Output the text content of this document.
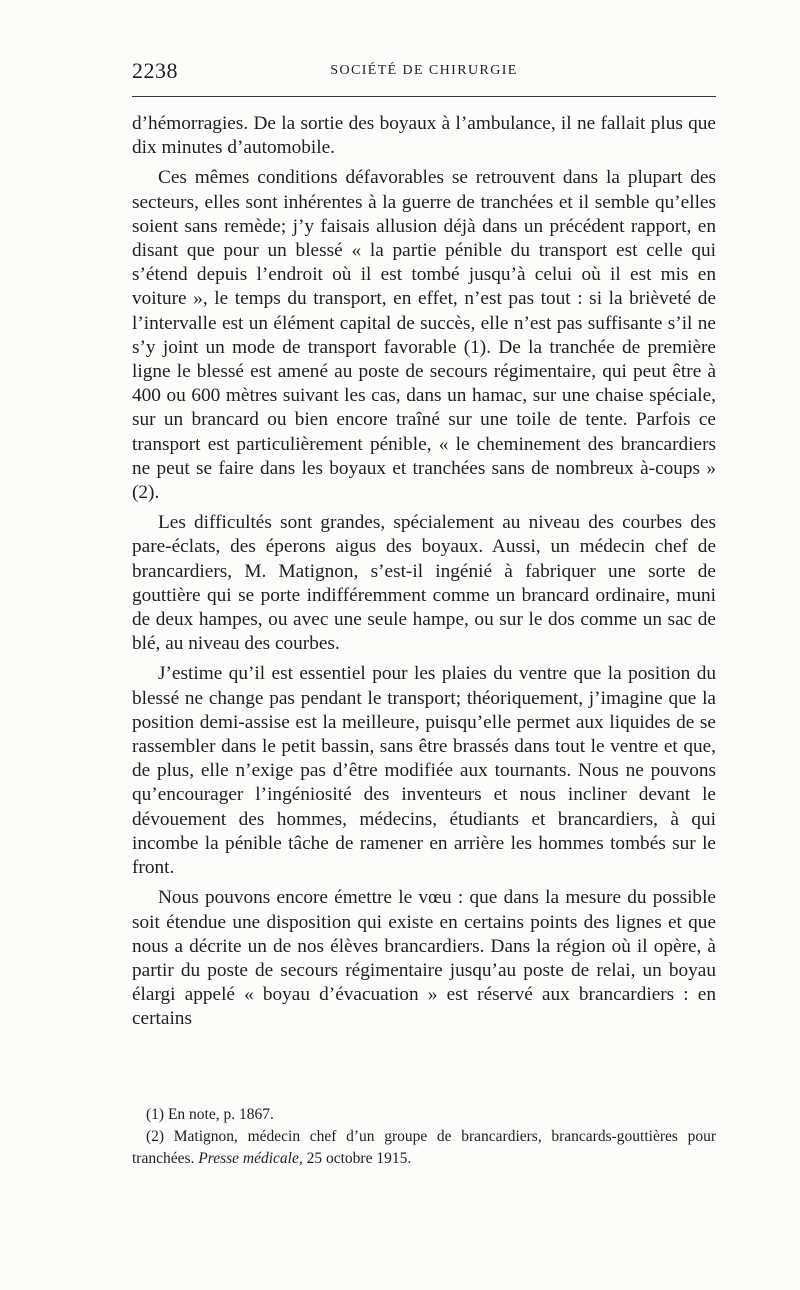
2238	SOCIÉTÉ DE CHIRURGIE

d’hémorragies. De la sortie des boyaux à l’ambulance, il ne fallait plus que dix minutes d’automobile.

Ces mêmes conditions défavorables se retrouvent dans la plupart des secteurs, elles sont inhérentes à la guerre de tranchées et il semble qu’elles soient sans remède; j’y faisais allusion déjà dans un précédent rapport, en disant que pour un blessé « la partie pénible du transport est celle qui s’étend depuis l’endroit où il est tombé jusqu’à celui où il est mis en voiture », le temps du transport, en effet, n’est pas tout : si la brièveté de l’intervalle est un élément capital de succès, elle n’est pas suffisante s’il ne s’y joint un mode de transport favorable (1). De la tranchée de première ligne le blessé est amené au poste de secours régimentaire, qui peut être à 400 ou 600 mètres suivant les cas, dans un hamac, sur une chaise spéciale, sur un brancard ou bien encore traîné sur une toile de tente. Parfois ce transport est particulièrement pénible, « le cheminement des brancardiers ne peut se faire dans les boyaux et tranchées sans de nombreux à-coups » (2).

Les difficultés sont grandes, spécialement au niveau des courbes des pare-éclats, des éperons aigus des boyaux. Aussi, un médecin chef de brancardiers, M. Matignon, s’est-il ingénié à fabriquer une sorte de gouttière qui se porte indifféremment comme un brancard ordinaire, muni de deux hampes, ou avec une seule hampe, ou sur le dos comme un sac de blé, au niveau des courbes.

J’estime qu’il est essentiel pour les plaies du ventre que la position du blessé ne change pas pendant le transport; théoriquement, j’imagine que la position demi-assise est la meilleure, puisqu’elle permet aux liquides de se rassembler dans le petit bassin, sans être brassés dans tout le ventre et que, de plus, elle n’exige pas d’être modifiée aux tournants. Nous ne pouvons qu’encourager l’ingéniosité des inventeurs et nous incliner devant le dévouement des hommes, médecins, étudiants et brancardiers, à qui incombe la pénible tâche de ramener en arrière les hommes tombés sur le front.

Nous pouvons encore émettre le vœu : que dans la mesure du possible soit étendue une disposition qui existe en certains points des lignes et que nous a décrite un de nos élèves brancardiers. Dans la région où il opère, à partir du poste de secours régimentaire jusqu’au poste de relai, un boyau élargi appelé « boyau d’évacuation » est réservé aux brancardiers : en certains

(1) En note, p. 1867.

(2) Matignon, médecin chef d’un groupe de brancardiers, brancards-gouttières pour tranchées. Presse médicale, 25 octobre 1915.
